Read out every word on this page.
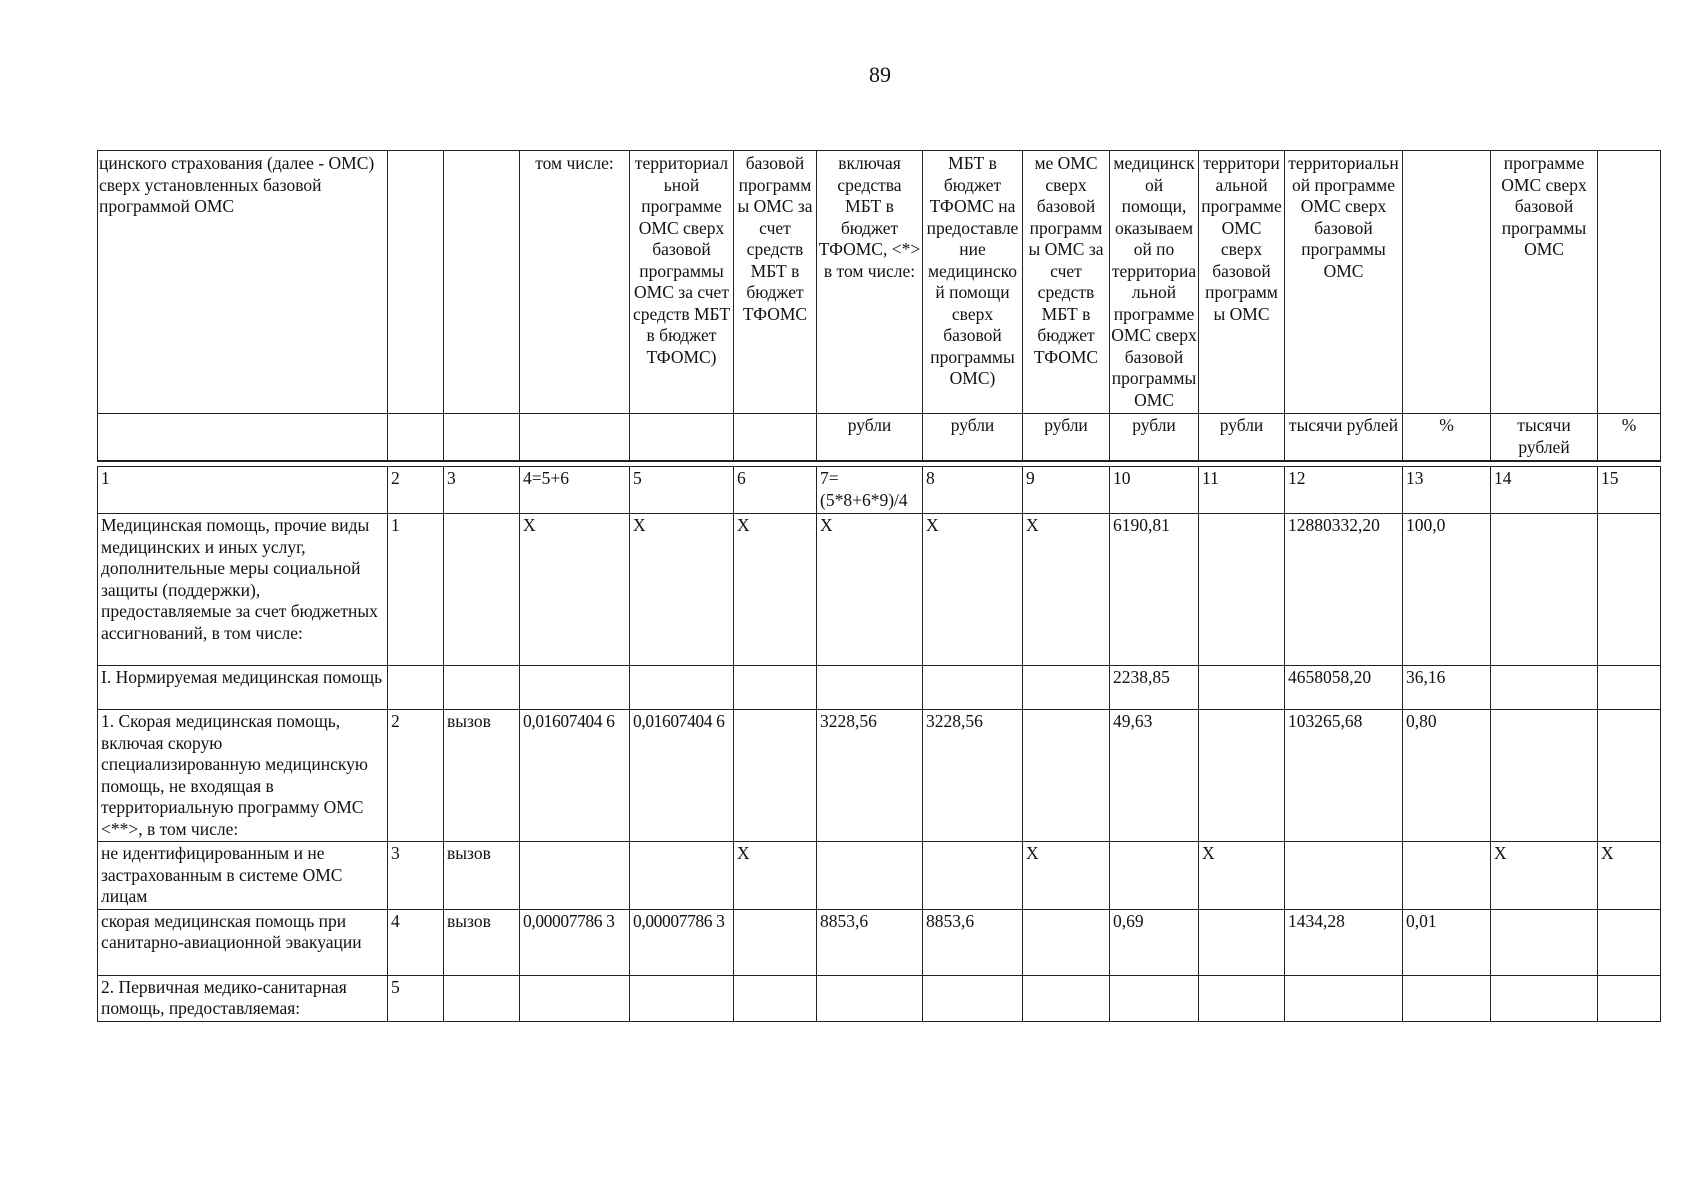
89
цинского страхования (далее - ОМС) сверх установленных базовой программой ОМС			том числе:	территориальной программе ОМС сверх базовой программы ОМС за счет средств МБТ в бюджет ТФОМС)	базовой программы ОМС за счет средств МБТ в бюджет ТФОМС	включая средства МБТ в бюджет ТФОМС, <*> в том числе:	МБТ в бюджет ТФОМС на предоставление медицинской помощи сверх базовой программы ОМС)	ме ОМС сверх базовой программы ОМС за счет средств МБТ в бюджет ТФОМС	медицинской помощи, оказываемой по территориальной программе ОМС сверх базовой программы ОМС	территориальной программе ОМС сверх базовой программы ОМС	территориальной программе ОМС сверх базовой программы ОМС		программе ОМС сверх базовой программы ОМС	
						рубли	рубли	рубли	рубли	рубли	тысячи рублей	%	тысячи рублей	%

1	2	3	4=5+6	5	6	7=(5*8+6*9)/4	8	9	10	11	12	13	14	15
Медицинская помощь, прочие виды медицинских и иных услуг, дополнительные меры социальной защиты (поддержки), предоставляемые за счет бюджетных ассигнований, в том числе:	1		X	X	X	X	X	X	6190,81		12880332,20	100,0		
I. Нормируемая медицинская помощь									2238,85		4658058,20	36,16		
1. Скорая медицинская помощь, включая скорую специализированную медицинскую помощь, не входящая в территориальную программу ОМС <**>, в том числе:	2	вызов	0,01607404 6	0,01607404 6		3228,56	3228,56		49,63		103265,68	0,80		
не идентифицированным и не застрахованным в системе ОМС лицам	3	вызов			X			X		X			X	X
скорая медицинская помощь при санитарно-авиационной эвакуации	4	вызов	0,00007786 3	0,00007786 3		8853,6	8853,6		0,69		1434,28	0,01		
2. Первичная медико-санитарная помощь, предоставляемая:	5													
